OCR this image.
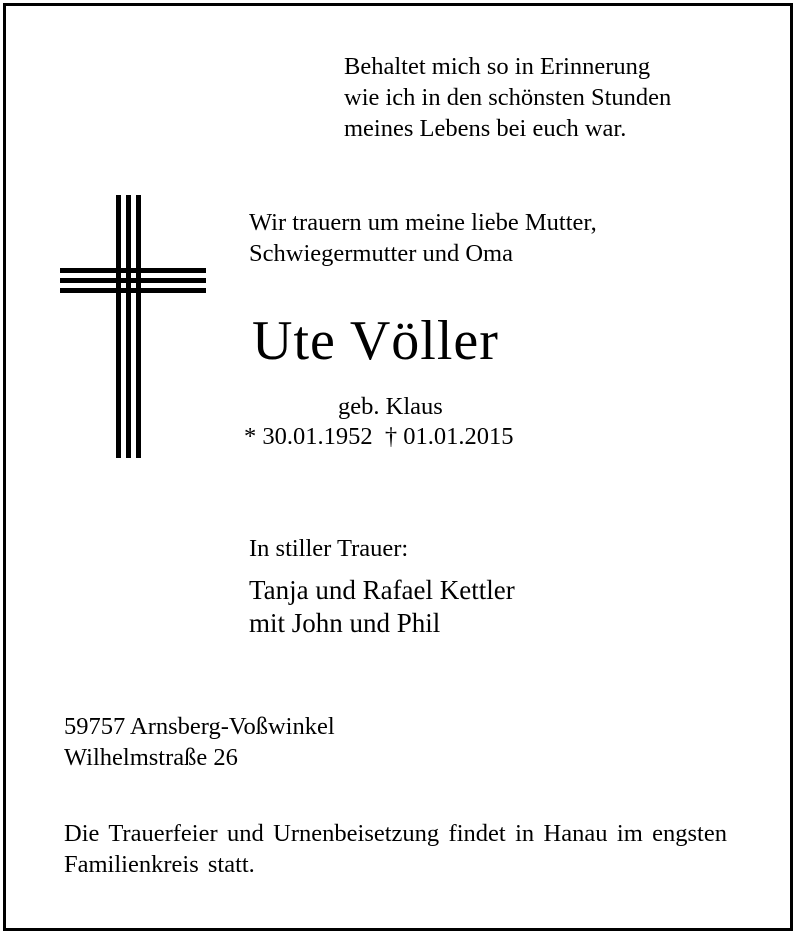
Behaltet mich so in Erinnerung
wie ich in den schönsten Stunden
meines Lebens bei euch war.

Wir trauern um meine liebe Mutter,
Schwiegermutter und Oma

Ute Völler
geb. Klaus
* 30.01.1952  † 01.01.2015
In stiller Trauer:

Tanja und Rafael Kettler
mit John und Phil

59757 Arnsberg-Voßwinkel
Wilhelmstraße 26

Die Trauerfeier und Urnenbeisetzung findet in Hanau im engsten Familienkreis statt.
